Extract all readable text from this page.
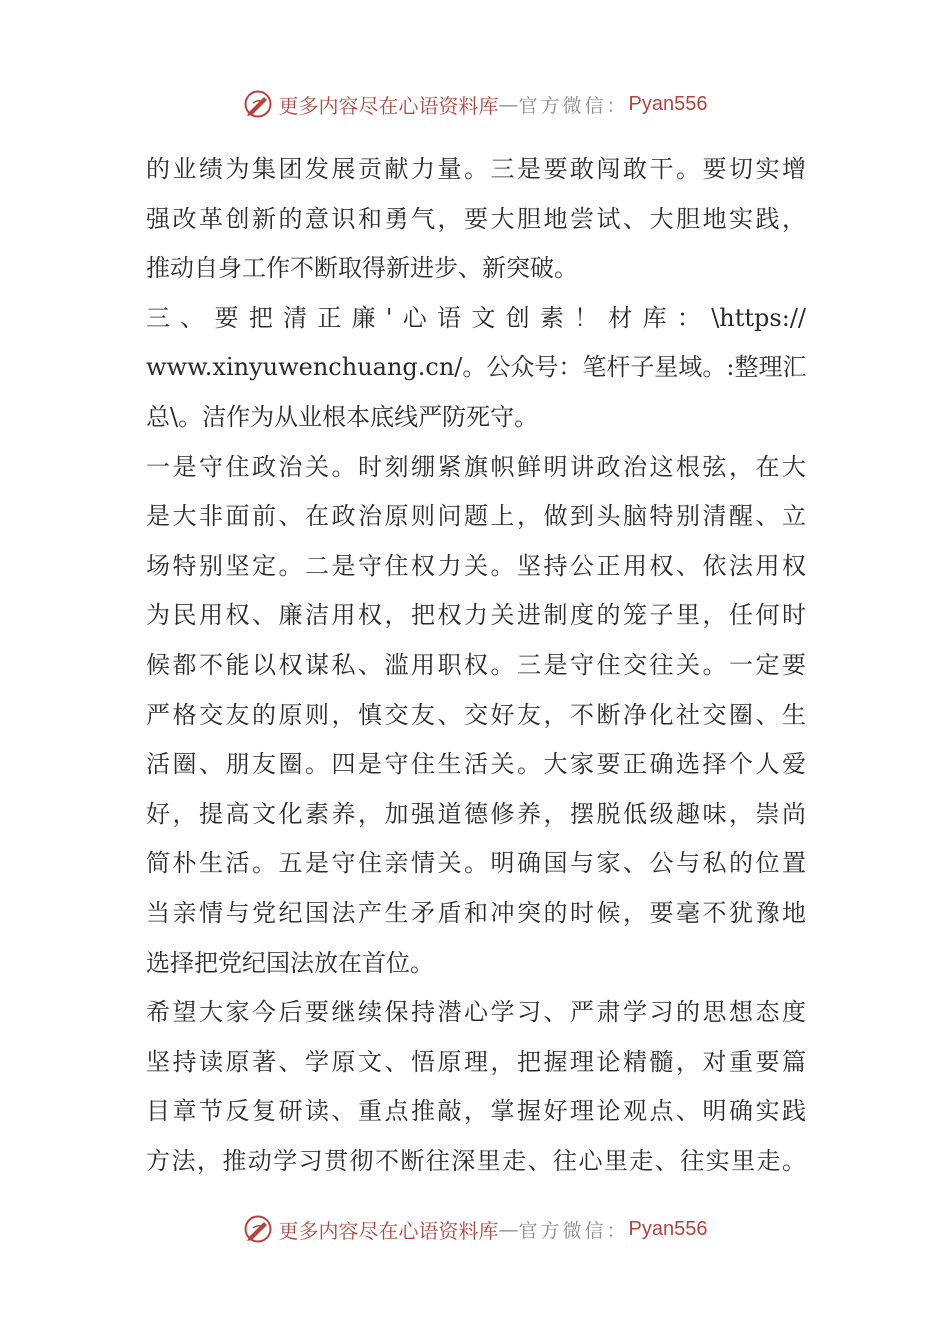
更多内容尽在心语资料库 — 官方微信： Pyan556
的业绩为集团发展贡献力量。三是要敢闯敢干。要切实增
强改革创新的意识和勇气，要大胆地尝试、大胆地实践，
推动自身工作不断取得新进步、新突破。
三、要把清正廉'心语文创素！材库：\https://
www.xinyuwenchuang.cn/。公众号：笔杆子星域。:整理汇
总\。洁作为从业根本底线严防死守。
一是守住政治关。时刻绷紧旗帜鲜明讲政治这根弦，在大
是大非面前、在政治原则问题上，做到头脑特别清醒、立
场特别坚定。二是守住权力关。坚持公正用权、依法用权
为民用权、廉洁用权，把权力关进制度的笼子里，任何时
候都不能以权谋私、滥用职权。三是守住交往关。一定要
严格交友的原则，慎交友、交好友，不断净化社交圈、生
活圈、朋友圈。四是守住生活关。大家要正确选择个人爱
好，提高文化素养，加强道德修养，摆脱低级趣味，崇尚
简朴生活。五是守住亲情关。明确国与家、公与私的位置
当亲情与党纪国法产生矛盾和冲突的时候，要毫不犹豫地
选择把党纪国法放在首位。
希望大家今后要继续保持潜心学习、严肃学习的思想态度
坚持读原著、学原文、悟原理，把握理论精髓，对重要篇
目章节反复研读、重点推敲，掌握好理论观点、明确实践
方法，推动学习贯彻不断往深里走、往心里走、往实里走。
更多内容尽在心语资料库 — 官方微信： Pyan556
